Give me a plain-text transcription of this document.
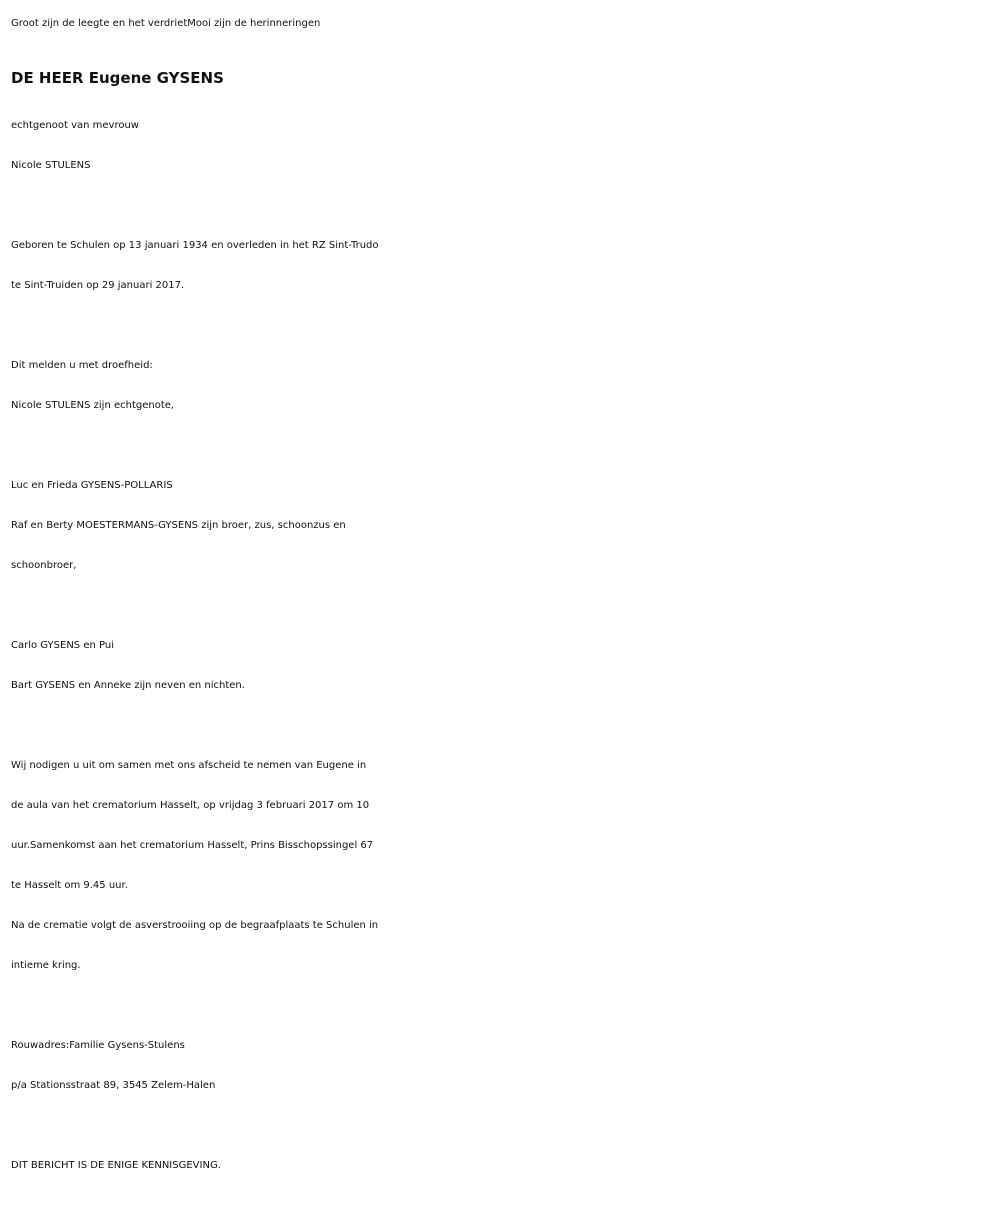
Groot zijn de leegte en het verdrietMooi zijn de herinneringen
DE HEER Eugene GYSENS
echtgenoot van mevrouw
Nicole STULENS
Geboren te Schulen op 13 januari 1934 en overleden in het RZ Sint-Trudo
te Sint-Truiden op 29 januari 2017.
Dit melden u met droefheid:
Nicole STULENS zijn echtgenote,
Luc en Frieda GYSENS-POLLARIS
Raf en Berty MOESTERMANS-GYSENS zijn broer, zus, schoonzus en
schoonbroer,
Carlo GYSENS en Pui
Bart GYSENS en Anneke zijn neven en nichten.
Wij nodigen u uit om samen met ons afscheid te nemen van Eugene in
de aula van het crematorium Hasselt, op vrijdag 3 februari 2017 om 10
uur.Samenkomst aan het crematorium Hasselt, Prins Bisschopssingel 67
te Hasselt om 9.45 uur.
Na de crematie volgt de asverstrooiing op de begraafplaats te Schulen in
intieme kring.
Rouwadres:Familie Gysens-Stulens
p/a Stationsstraat 89, 3545 Zelem-Halen
DIT BERICHT IS DE ENIGE KENNISGEVING.
